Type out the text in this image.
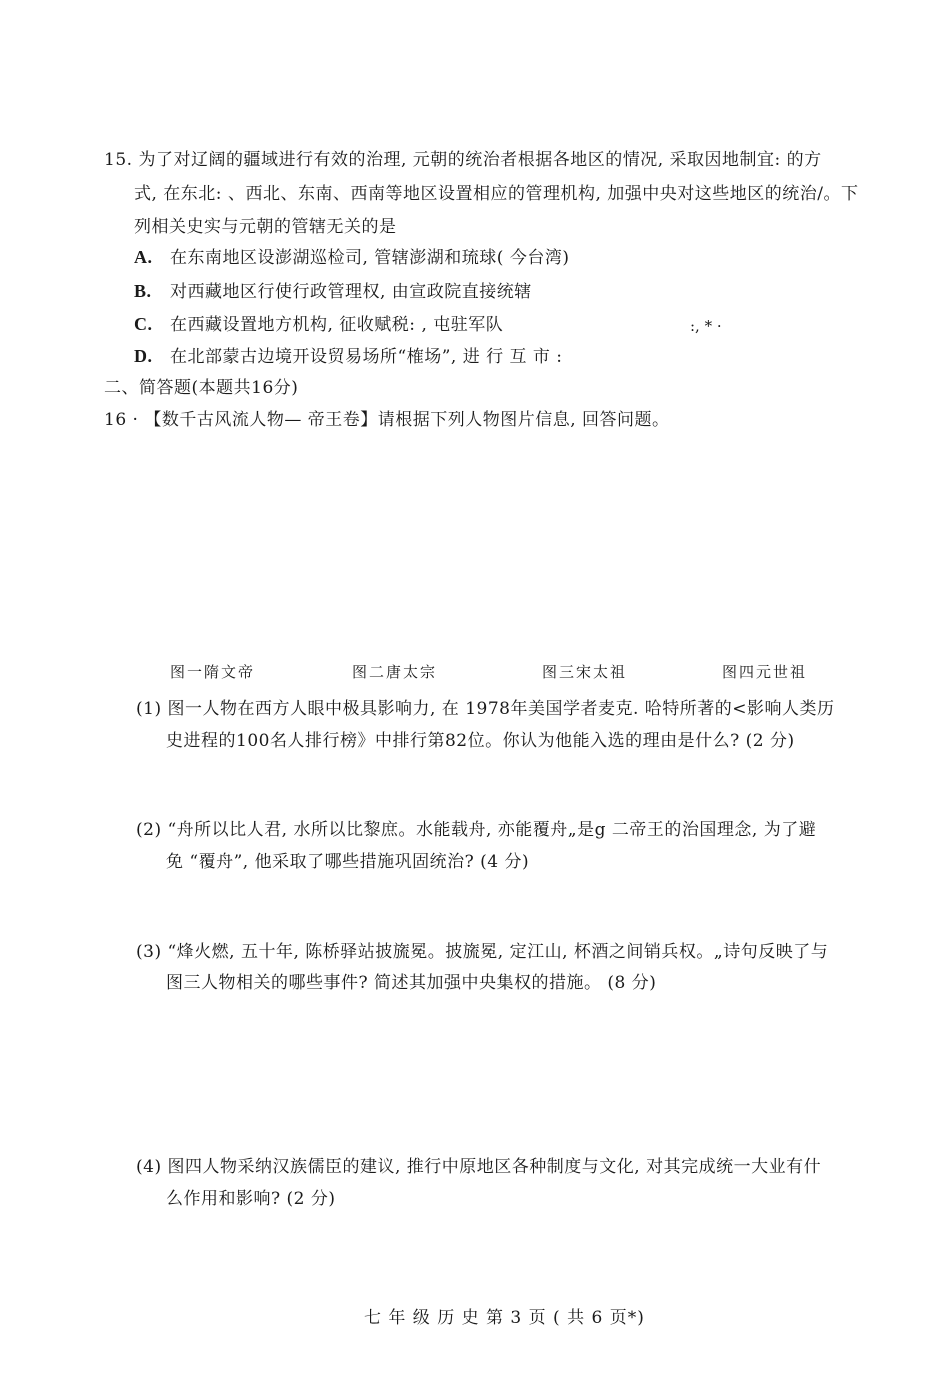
15. 为了对辽阔的疆域进行有效的治理, 元朝的统治者根据各地区的情况, 采取因地制宜: 的方
式, 在东北: 、西北、东南、西南等地区设置相应的管理机构, 加强中央对这些地区的统治/。下
列相关史实与元朝的管辖无关的是
A. 在东南地区设澎湖巡检司, 管辖澎湖和琉球( 今台湾)
B. 对西藏地区行使行政管理权, 由宣政院直接统辖
C. 在西藏设置地方机构, 征收赋税: , 屯驻军队	:, * ·
D. 在北部蒙古边境开设贸易场所“榷场”, 进 行 互 市 :
二、简答题(本题共16分)
16 · 【数千古风流人物— 帝王卷】请根据下列人物图片信息, 回答问题。
图一隋文帝	图二唐太宗	图三宋太祖	图四元世祖
(1) 图一人物在西方人眼中极具影响力, 在 1978年美国学者麦克. 哈特所著的<影响人类历
史进程的100名人排行榜》中排行第82位。你认为他能入选的理由是什么? (2 分)
(2) “舟所以比人君, 水所以比黎庶。水能载舟, 亦能覆舟„是g 二帝王的治国理念, 为了避
免 “覆舟”, 他采取了哪些措施巩固统治? (4 分)
(3) “烽火燃, 五十年, 陈桥驿站披旒冕。披旒冕, 定江山, 杯酒之间销兵权。„诗句反映了与
图三人物相关的哪些事件? 简述其加强中央集权的措施。 (8 分)
(4) 图四人物采纳汉族儒臣的建议, 推行中原地区各种制度与文化, 对其完成统一大业有什
么作用和影响? (2 分)
七 年 级 历 史 第 3 页 ( 共 6 页*)
